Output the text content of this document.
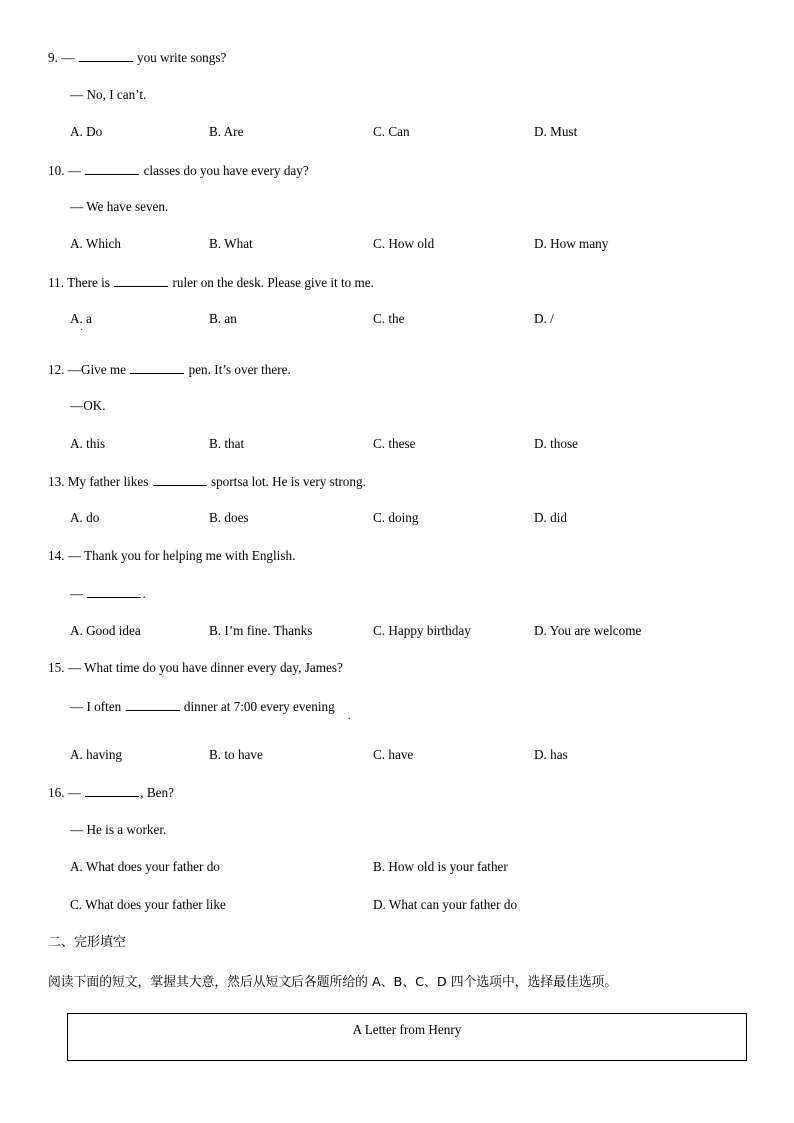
9. —	you write songs?
— No, I can’t.
A. Do	B. Are	C. Can	D. Must
10. —	classes do you have every day?
— We have seven.
A. Which	B. What	C. How old	D. How many
11. There is	ruler on the desk. Please give it to me.
A. a
·
B. an	C. the	D. /
12. —Give me	pen. It’s over there.
—OK.
A. this	B. that	C. these	D. those
13. My father likes	sportsa lot. He is very strong.
A. do	B. does	C. doing	D. did
14. — Thank you for helping me with English.
—	.
A. Good idea	B. I’m fine. Thanks	C. Happy birthday	D. You are welcome
15. — What time do you have dinner every day, James?
— I often	dinner at 7:00 every evening
.
A. having	B. to have	C. have	D. has
16. —	, Ben?
— He is a worker.
A. What does your father do	B. How old is your father
C. What does your father like	D. What can your father do
二、完形填空
阅读下面的短文，掌握其大意，然后从短文后各题所给的 A、B、C、D 四个选项中，选择最佳选项。
A Letter from Henry
